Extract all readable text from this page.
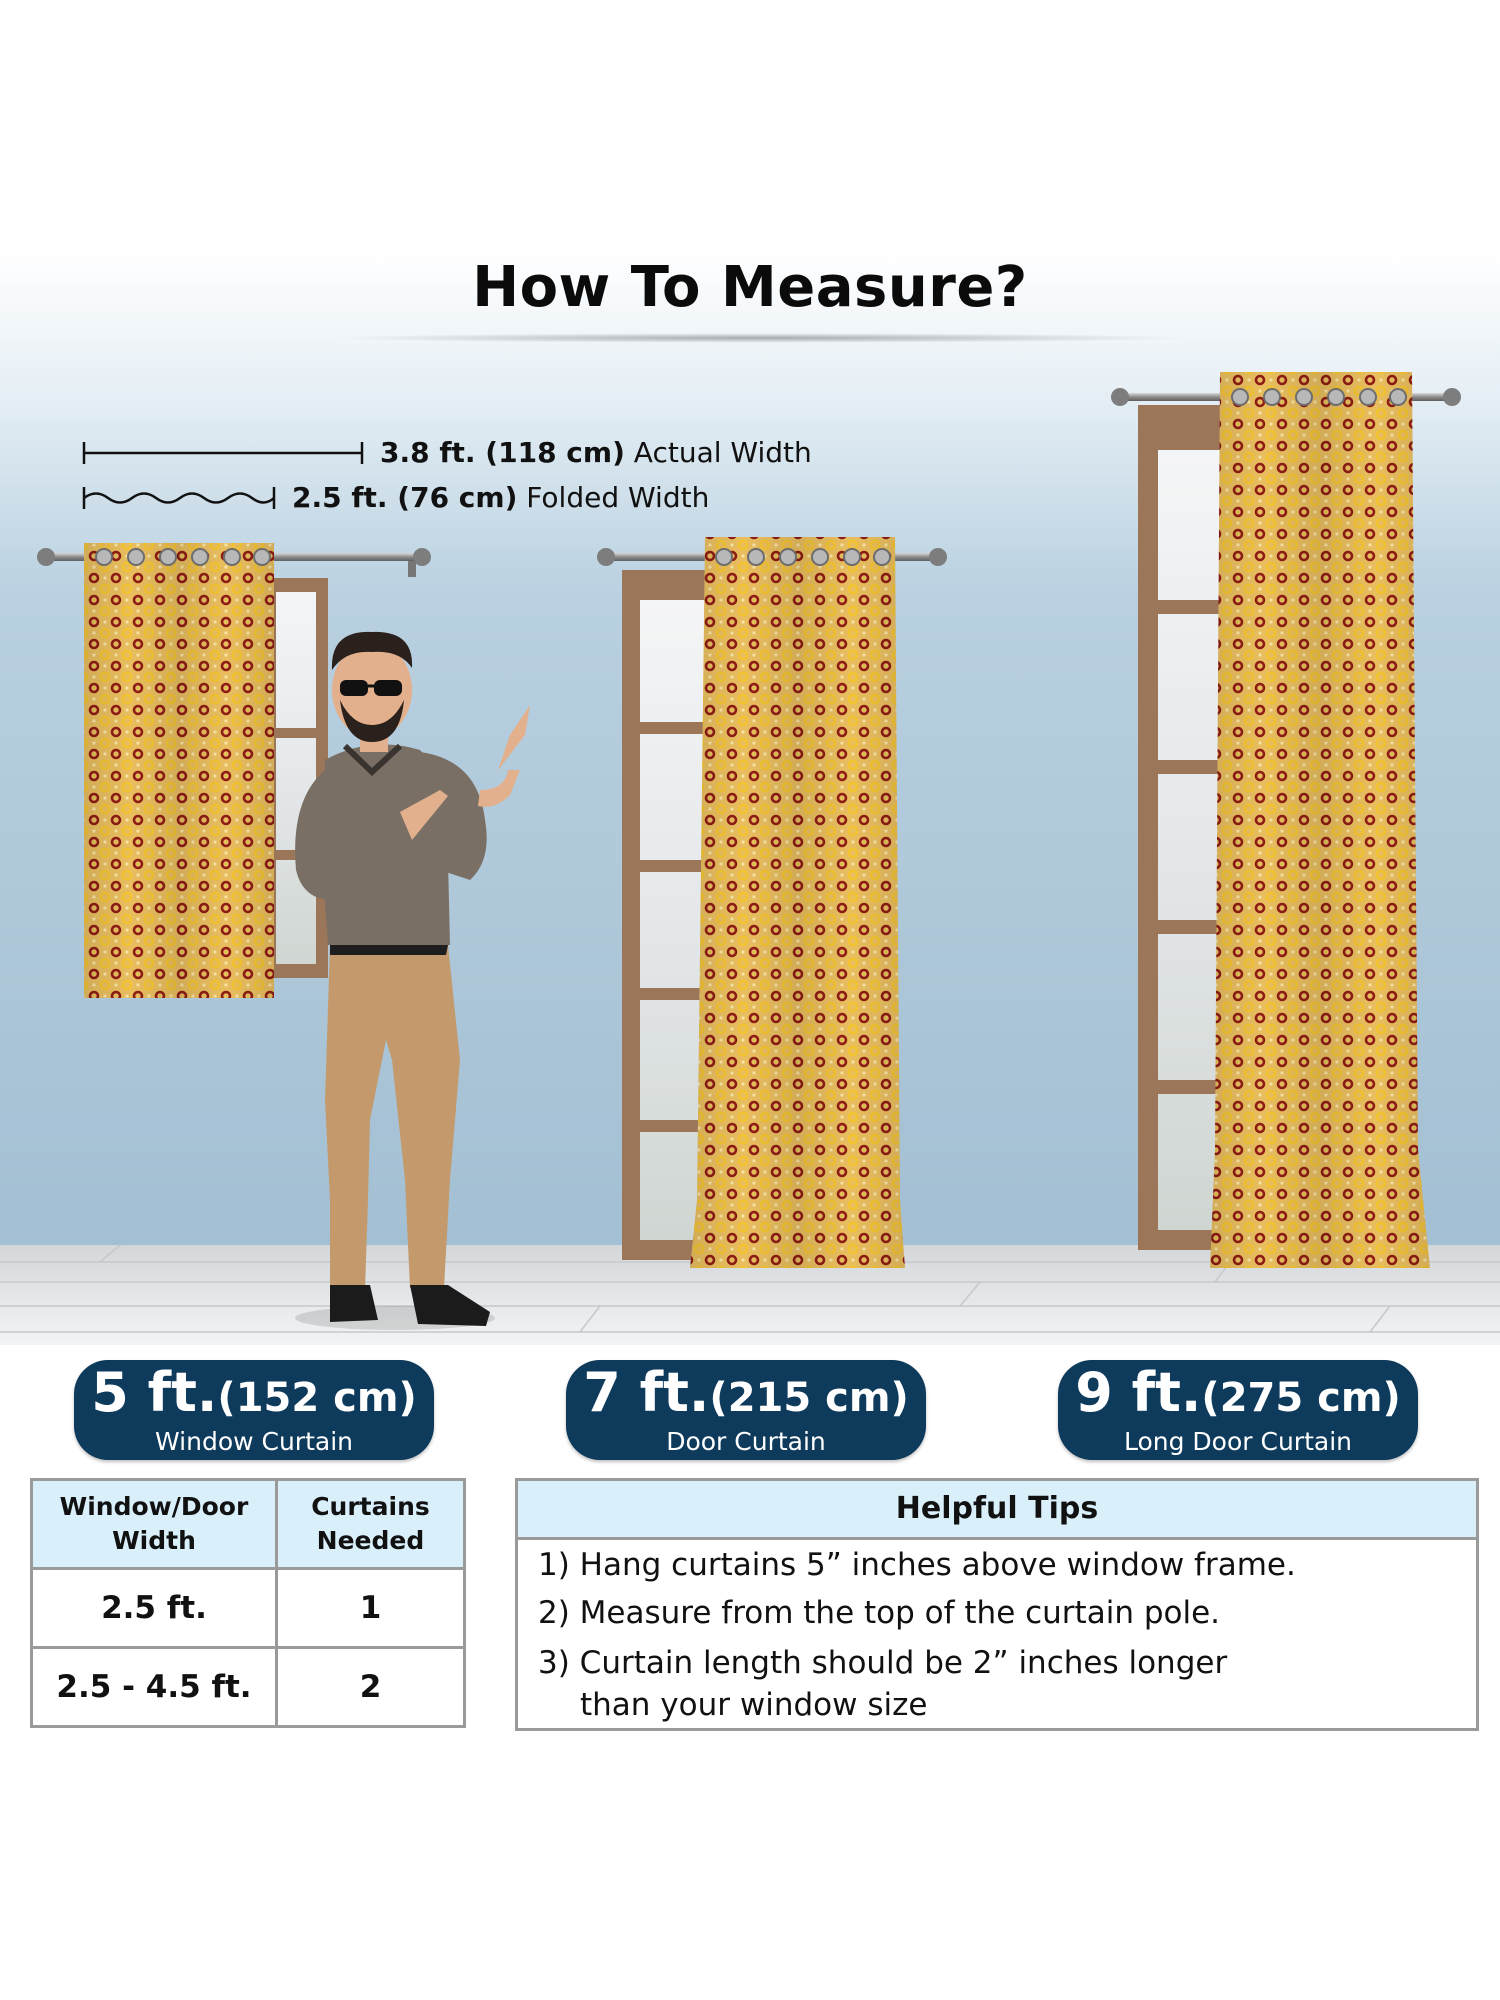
How To Measure?
3.8 ft. (118 cm) Actual Width
2.5 ft. (76 cm) Folded Width
5 ft.(152 cm)
Window Curtain
7 ft.(215 cm)
Door Curtain
9 ft.(275 cm)
Long Door Curtain
Window/Door Width	Curtains Needed
2.5 ft.	1
2.5 - 4.5 ft.	2
Helpful Tips
1) Hang curtains 5” inches above window frame.
2) Measure from the top of the curtain pole.
3) Curtain length should be 2” inches longer
than your window size
